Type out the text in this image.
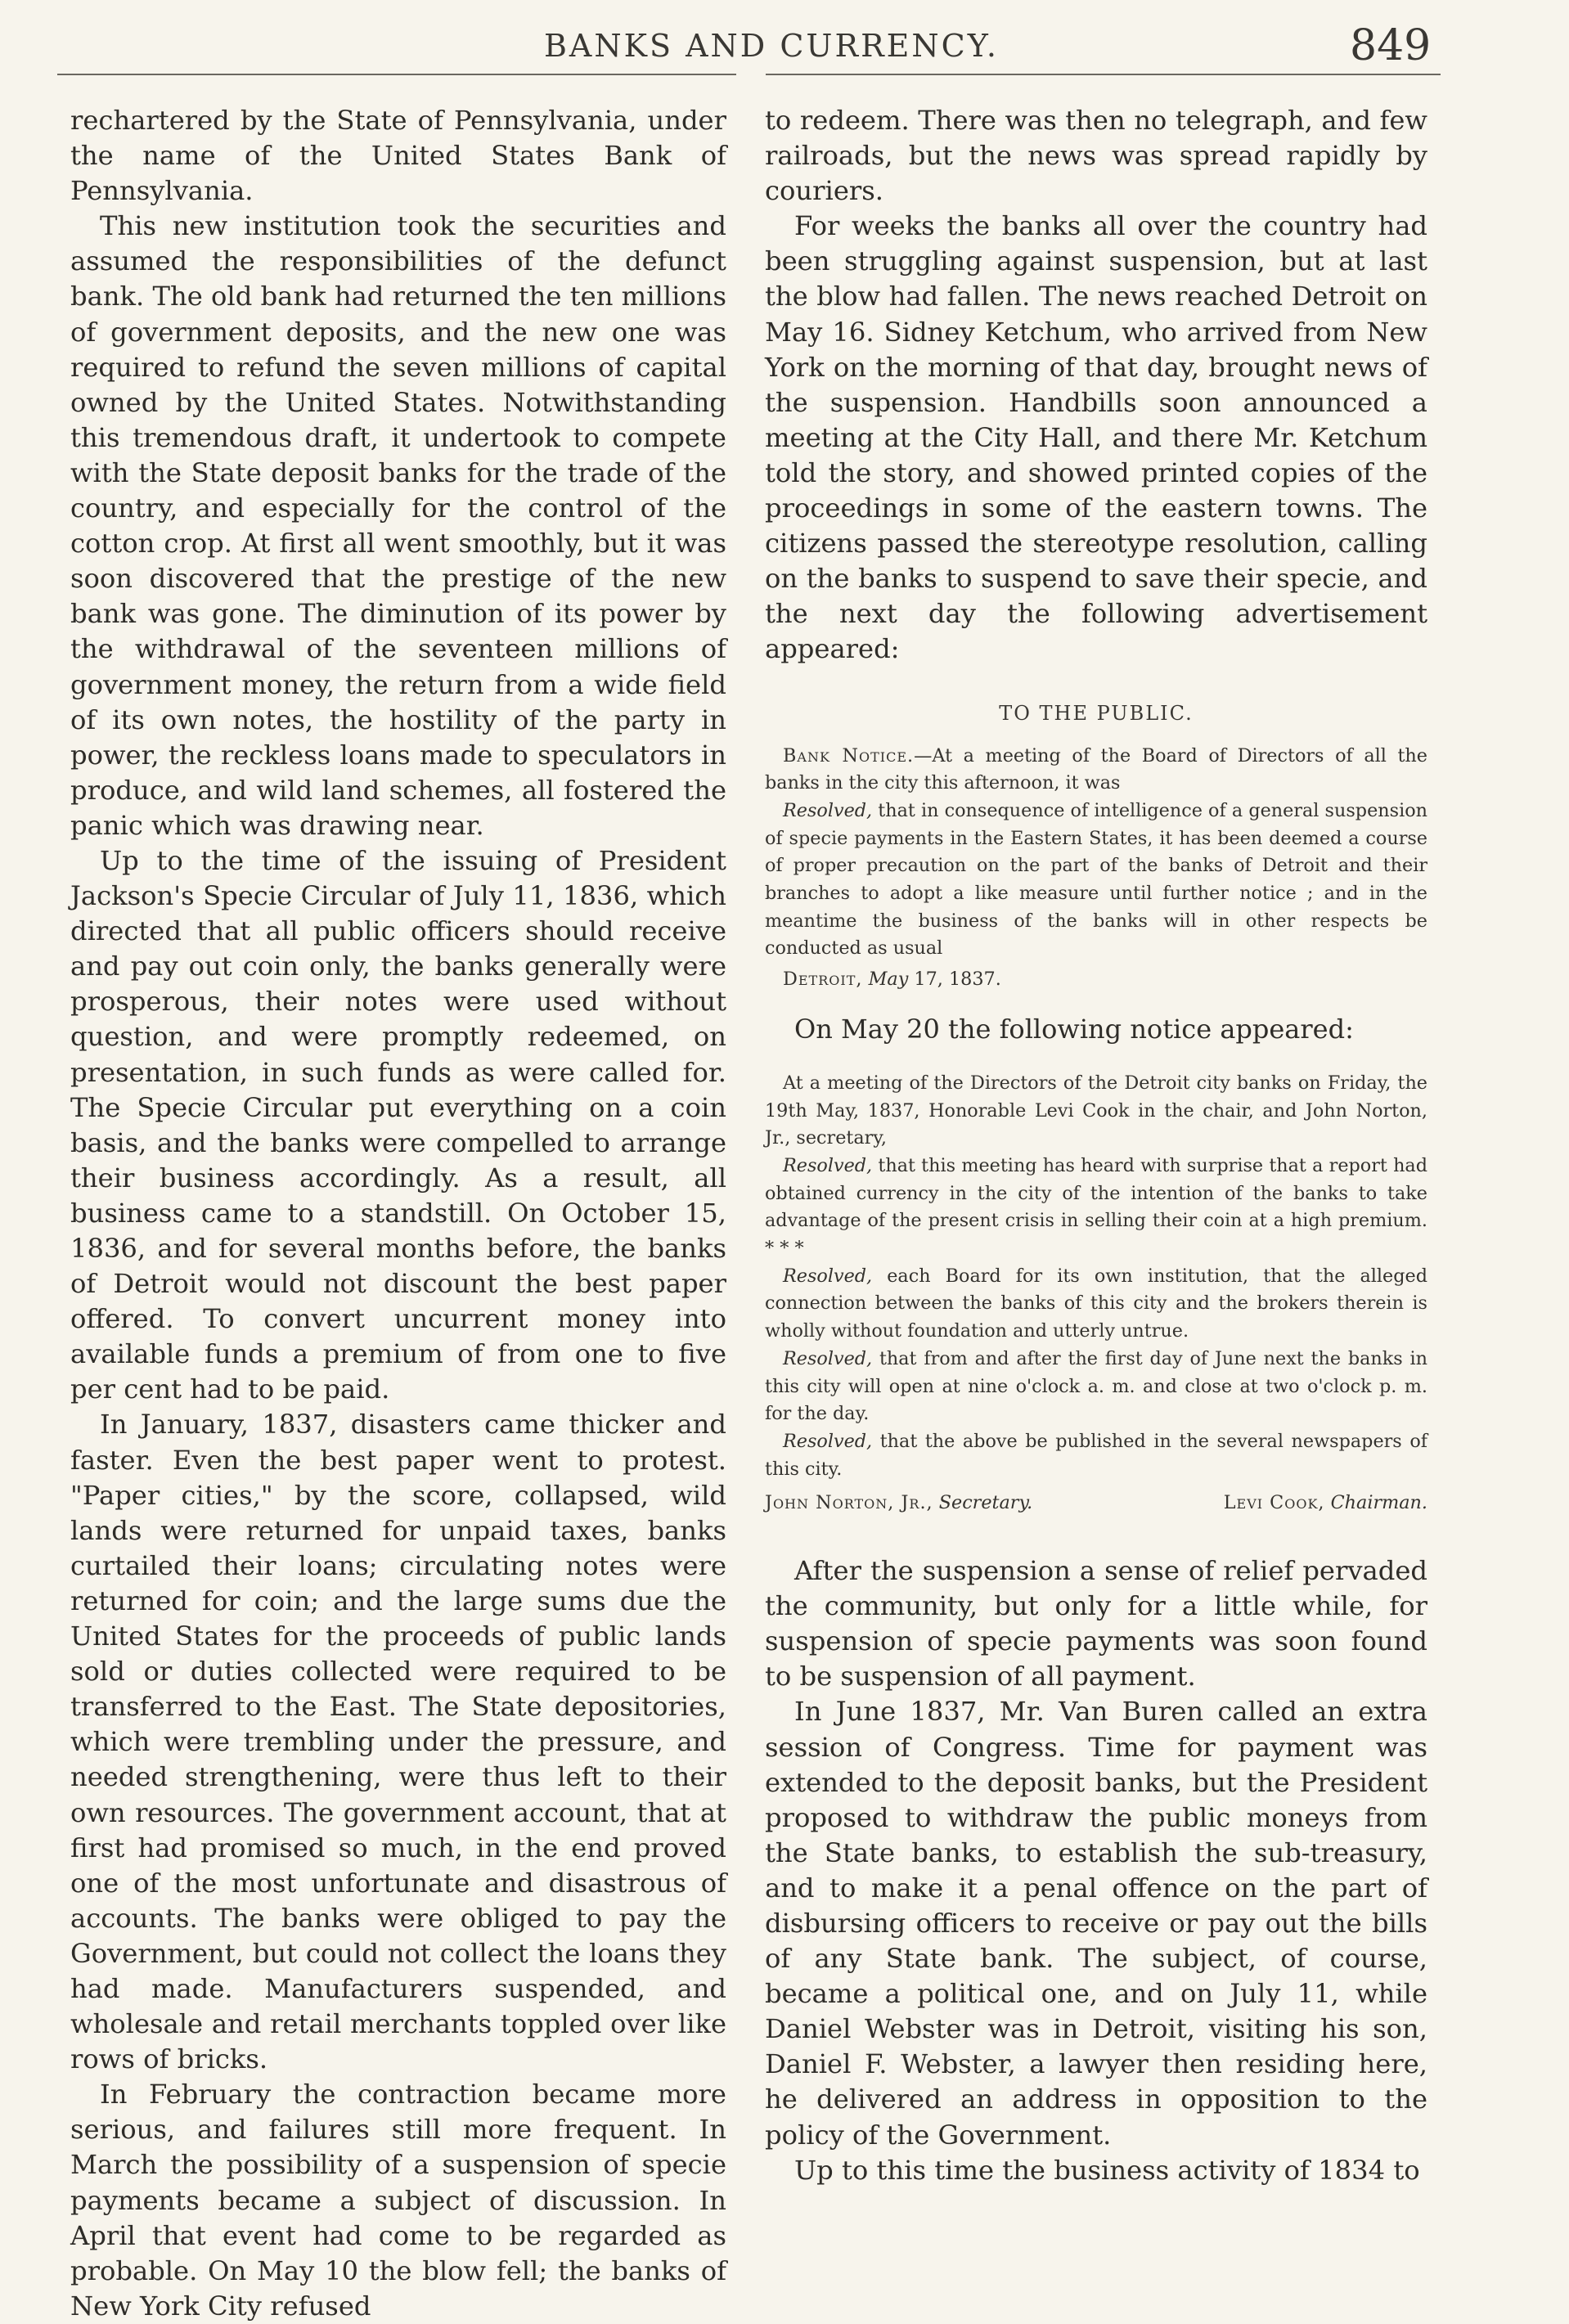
BANKS AND CURRENCY.	849

rechartered by the State of Pennsylvania, under the name of the United States Bank of Pennsylvania.

This new institution took the securities and assumed the responsibilities of the defunct bank. The old bank had returned the ten millions of government deposits, and the new one was required to refund the seven millions of capital owned by the United States. Notwithstanding this tremendous draft, it undertook to compete with the State deposit banks for the trade of the country, and especially for the control of the cotton crop. At first all went smoothly, but it was soon discovered that the prestige of the new bank was gone. The diminution of its power by the withdrawal of the seventeen millions of government money, the return from a wide field of its own notes, the hostility of the party in power, the reckless loans made to speculators in produce, and wild land schemes, all fostered the panic which was drawing near.

Up to the time of the issuing of President Jackson's Specie Circular of July 11, 1836, which directed that all public officers should receive and pay out coin only, the banks generally were prosperous, their notes were used without question, and were promptly redeemed, on presentation, in such funds as were called for. The Specie Circular put everything on a coin basis, and the banks were compelled to arrange their business accordingly. As a result, all business came to a standstill. On October 15, 1836, and for several months before, the banks of Detroit would not discount the best paper offered. To convert uncurrent money into available funds a premium of from one to five per cent had to be paid.

In January, 1837, disasters came thicker and faster. Even the best paper went to protest. "Paper cities," by the score, collapsed, wild lands were returned for unpaid taxes, banks curtailed their loans; circulating notes were returned for coin; and the large sums due the United States for the proceeds of public lands sold or duties collected were required to be transferred to the East. The State depositories, which were trembling under the pressure, and needed strengthening, were thus left to their own resources. The government account, that at first had promised so much, in the end proved one of the most unfortunate and disastrous of accounts. The banks were obliged to pay the Government, but could not collect the loans they had made. Manufacturers suspended, and wholesale and retail merchants toppled over like rows of bricks.

In February the contraction became more serious, and failures still more frequent. In March the possibility of a suspension of specie payments became a subject of discussion. In April that event had come to be regarded as probable. On May 10 the blow fell; the banks of New York City refused

to redeem. There was then no telegraph, and few railroads, but the news was spread rapidly by couriers.

For weeks the banks all over the country had been struggling against suspension, but at last the blow had fallen. The news reached Detroit on May 16. Sidney Ketchum, who arrived from New York on the morning of that day, brought news of the suspension. Handbills soon announced a meeting at the City Hall, and there Mr. Ketchum told the story, and showed printed copies of the proceedings in some of the eastern towns. The citizens passed the stereotype resolution, calling on the banks to suspend to save their specie, and the next day the following advertisement appeared:

TO THE PUBLIC.

Bank Notice.—At a meeting of the Board of Directors of all the banks in the city this afternoon, it was

Resolved, that in consequence of intelligence of a general suspension of specie payments in the Eastern States, it has been deemed a course of proper precaution on the part of the banks of Detroit and their branches to adopt a like measure until further notice ; and in the meantime the business of the banks will in other respects be conducted as usual

Detroit, May 17, 1837.

On May 20 the following notice appeared:

At a meeting of the Directors of the Detroit city banks on Friday, the 19th May, 1837, Honorable Levi Cook in the chair, and John Norton, Jr., secretary,

Resolved, that this meeting has heard with surprise that a report had obtained currency in the city of the intention of the banks to take advantage of the present crisis in selling their coin at a high premium. * * *

Resolved, each Board for its own institution, that the alleged connection between the banks of this city and the brokers therein is wholly without foundation and utterly untrue.

Resolved, that from and after the first day of June next the banks in this city will open at nine o'clock a. m. and close at two o'clock p. m. for the day.

Resolved, that the above be published in the several newspapers of this city.

John Norton, Jr., Secretary.	Levi Cook, Chairman.

After the suspension a sense of relief pervaded the community, but only for a little while, for suspension of specie payments was soon found to be suspension of all payment.

In June 1837, Mr. Van Buren called an extra session of Congress. Time for payment was extended to the deposit banks, but the President proposed to withdraw the public moneys from the State banks, to establish the sub-treasury, and to make it a penal offence on the part of disbursing officers to receive or pay out the bills of any State bank. The subject, of course, became a political one, and on July 11, while Daniel Webster was in Detroit, visiting his son, Daniel F. Webster, a lawyer then residing here, he delivered an address in opposition to the policy of the Government.

Up to this time the business activity of 1834 to
